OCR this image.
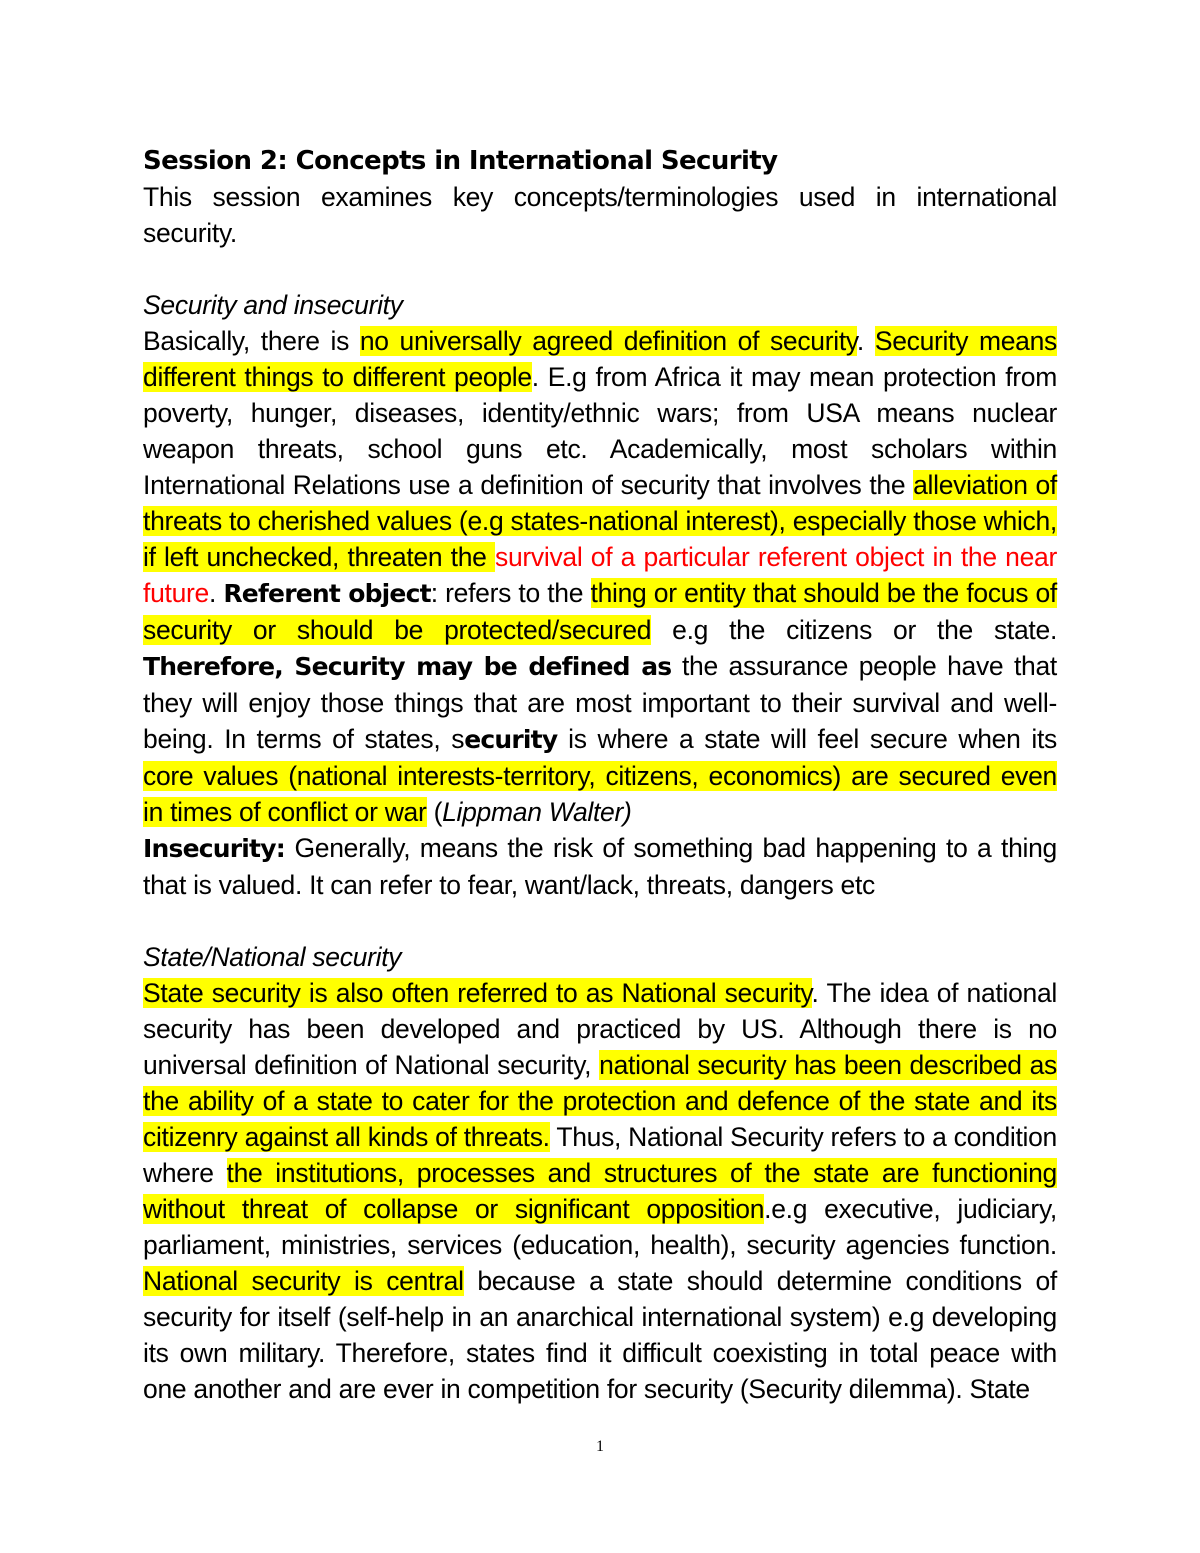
Session 2: Concepts in International Security

This session examines key concepts/terminologies used in international security.

Security and insecurity

Basically, there is no universally agreed definition of security. Security means different things to different people. E.g from Africa it may mean protection from poverty, hunger, diseases, identity/ethnic wars; from USA means nuclear weapon threats, school guns etc. Academically, most scholars within International Relations use a definition of security that involves the alleviation of threats to cherished values (e.g states-national interest), especially those which, if left unchecked, threaten the survival of a particular referent object in the near future. Referent object: refers to the thing or entity that should be the focus of security or should be protected/secured e.g the citizens or the state. Therefore, Security may be defined as the assurance people have that they will enjoy those things that are most important to their survival and well-being. In terms of states, security is where a state will feel secure when its core values (national interests-territory, citizens, economics) are secured even in times of conflict or war (Lippman Walter)

Insecurity: Generally, means the risk of something bad happening to a thing that is valued. It can refer to fear, want/lack, threats, dangers etc

State/National security

State security is also often referred to as National security. The idea of national security has been developed and practiced by US. Although there is no universal definition of National security, national security has been described as the ability of a state to cater for the protection and defence of the state and its citizenry against all kinds of threats. Thus, National Security refers to a condition where the institutions, processes and structures of the state are functioning without threat of collapse or significant opposition.e.g executive, judiciary, parliament, ministries, services (education, health), security agencies function. National security is central because a state should determine conditions of security for itself (self-help in an anarchical international system) e.g developing its own military. Therefore, states find it difficult coexisting in total peace with one another and are ever in competition for security (Security dilemma). State

1
